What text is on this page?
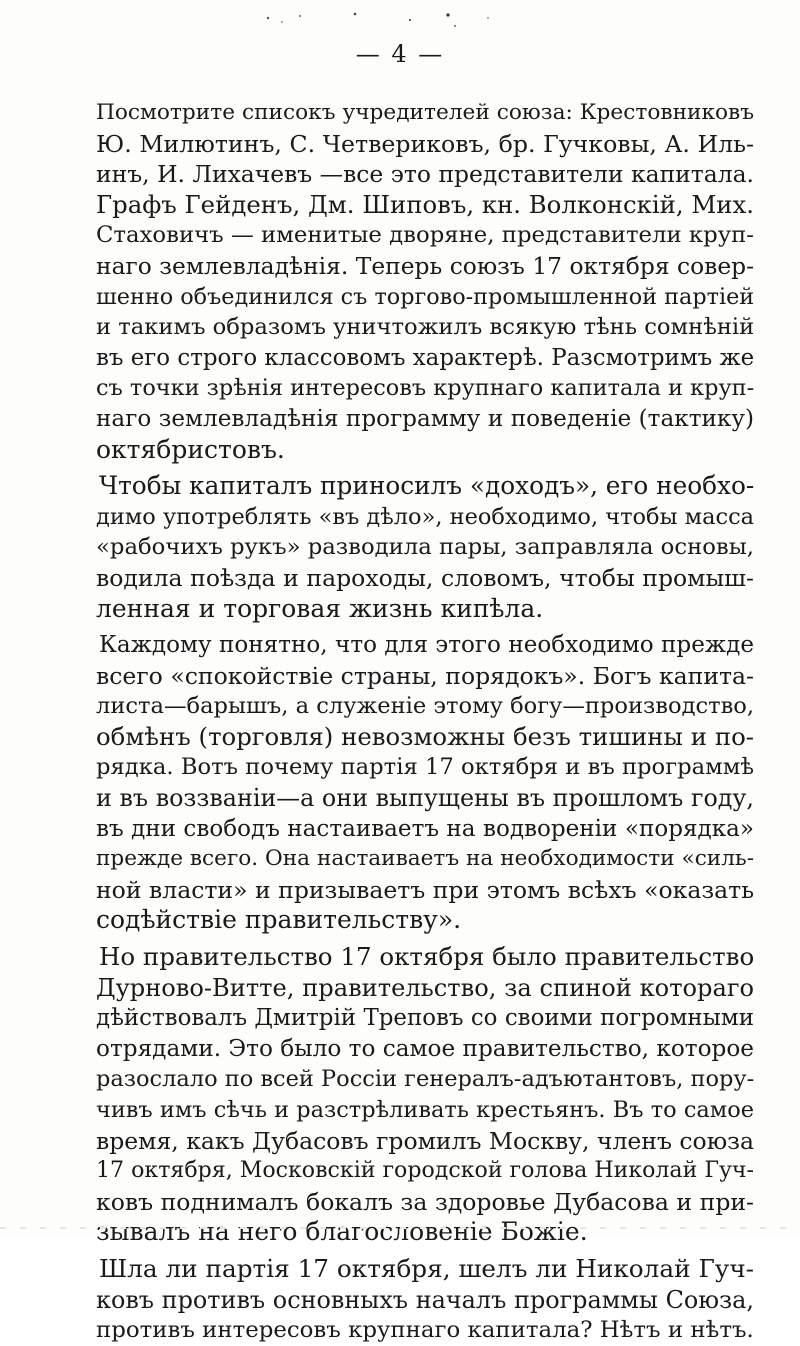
— 4 —
Посмотрите списокъ учредителей союза: Крестовниковъ
Ю. Милютинъ, С. Четвериковъ, бр. Гучковы, А. Иль-
инъ, И. Лихачевъ —все это представители капитала.
Графъ Гейденъ, Дм. Шиповъ, кн. Волконскій, Мих.
Стаховичъ — именитые дворяне, представители круп-
наго землевладѣнія. Теперь союзъ 17 октября совер-
шенно объединился съ торгово-промышленной партіей
и такимъ образомъ уничтожилъ всякую тѣнь сомнѣній
въ его строго классовомъ характерѣ. Разсмотримъ же
съ точки зрѣнія интересовъ крупнаго капитала и круп-
наго землевладѣнія программу и поведеніе (тактику)
октябристовъ.
Чтобы капиталъ приносилъ «доходъ», его необхо-
димо употреблять «въ дѣло», необходимо, чтобы масса
«рабочихъ рукъ» разводила пары, заправляла основы,
водила поѣзда и пароходы, словомъ, чтобы промыш-
ленная и торговая жизнь кипѣла.
Каждому понятно, что для этого необходимо прежде
всего «спокойствіе страны, порядокъ». Богъ капита-
листа—барышъ, а служеніе этому богу—производство,
обмѣнъ (торговля) невозможны безъ тишины и по-
рядка. Вотъ почему партія 17 октября и въ программѣ
и въ воззваніи—а они выпущены въ прошломъ году,
въ дни свободъ настаиваетъ на водвореніи «порядка»
прежде всего. Она настаиваетъ на необходимости «силь-
ной власти» и призываетъ при этомъ всѣхъ «оказать
содѣйствіе правительству».
Но правительство 17 октября было правительство
Дурново-Витте, правительство, за спиной котораго
дѣйствовалъ Дмитрій Треповъ со своими погромными
отрядами. Это было то самое правительство, которое
разослало по всей Россіи генералъ-адъютантовъ, пору-
чивъ имъ сѣчь и разстрѣливать крестьянъ. Въ то самое
время, какъ Дубасовъ громилъ Москву, членъ союза
17 октября, Московскій городской голова Николай Гуч-
ковъ поднималъ бокалъ за здоровье Дубасова и при-
зывалъ на него благословеніе Божіе.
Шла ли партія 17 октября, шелъ ли Николай Гуч-
ковъ противъ основныхъ началъ программы Союза,
противъ интересовъ крупнаго капитала? Нѣтъ и нѣтъ.
